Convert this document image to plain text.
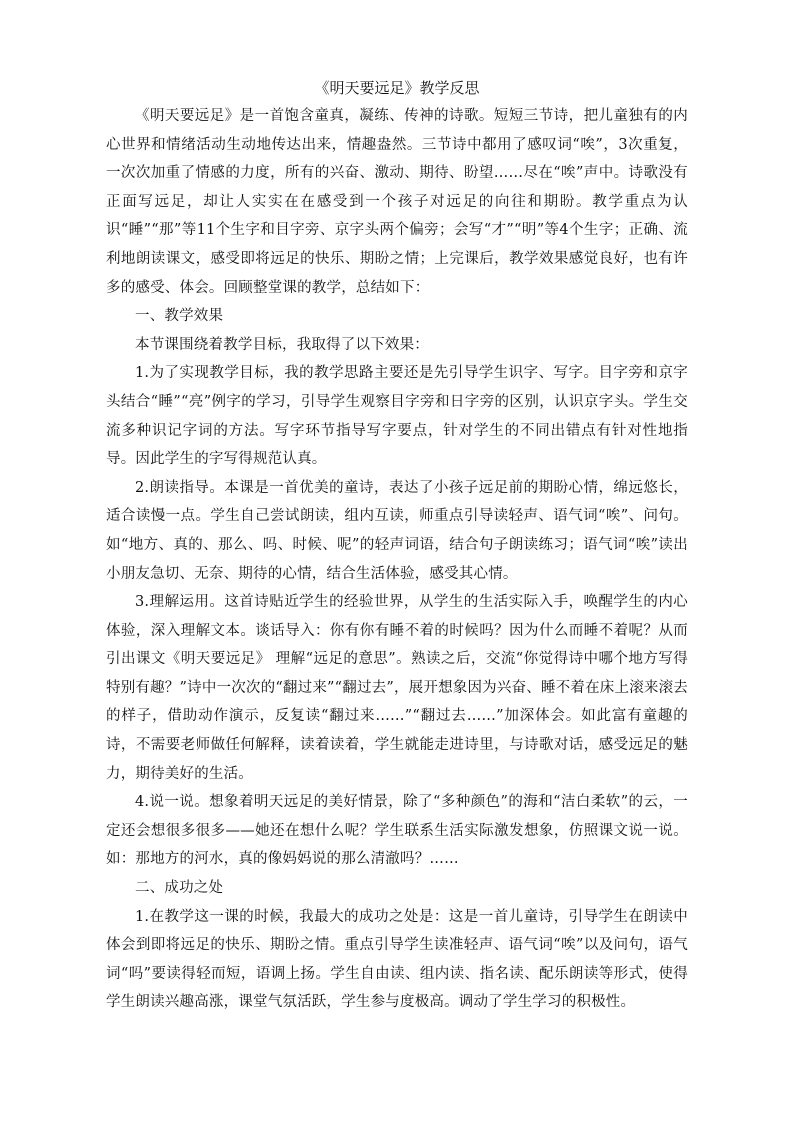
《明天要远足》教学反思

《明天要远足》是一首饱含童真，凝练、传神的诗歌。短短三节诗，把儿童独有的内心世界和情绪活动生动地传达出来，情趣盎然。三节诗中都用了感叹词“唉”，3次重复，一次次加重了情感的力度，所有的兴奋、激动、期待、盼望……尽在“唉”声中。诗歌没有正面写远足，却让人实实在在感受到一个孩子对远足的向往和期盼。教学重点为认识“睡”“那”等11个生字和目字旁、京字头两个偏旁；会写“才”“明”等4个生字；正确、流利地朗读课文，感受即将远足的快乐、期盼之情；上完课后，教学效果感觉良好，也有许多的感受、体会。回顾整堂课的教学，总结如下：

一、教学效果

本节课围绕着教学目标，我取得了以下效果：

1.为了实现教学目标，我的教学思路主要还是先引导学生识字、写字。目字旁和京字头结合“睡”“亮”例字的学习，引导学生观察目字旁和日字旁的区别，认识京字头。学生交流多种识记字词的方法。写字环节指导写字要点，针对学生的不同出错点有针对性地指导。因此学生的字写得规范认真。

2.朗读指导。本课是一首优美的童诗，表达了小孩子远足前的期盼心情，绵远悠长，适合读慢一点。学生自己尝试朗读，组内互读，师重点引导读轻声、语气词“唉”、问句。如“地方、真的、那么、吗、时候、呢”的轻声词语，结合句子朗读练习；语气词“唉”读出小朋友急切、无奈、期待的心情，结合生活体验，感受其心情。

3.理解运用。这首诗贴近学生的经验世界，从学生的生活实际入手，唤醒学生的内心体验，深入理解文本。谈话导入：你有你有睡不着的时候吗？因为什么而睡不着呢？从而引出课文《明天要远足》 理解“远足的意思”。熟读之后，交流“你觉得诗中哪个地方写得特别有趣？”诗中一次次的“翻过来”“翻过去”，展开想象因为兴奋、睡不着在床上滚来滚去的样子，借助动作演示，反复读“翻过来……”“翻过去……”加深体会。如此富有童趣的诗，不需要老师做任何解释，读着读着，学生就能走进诗里，与诗歌对话，感受远足的魅力，期待美好的生活。

4.说一说。想象着明天远足的美好情景，除了“多种颜色”的海和“洁白柔软”的云，一定还会想很多很多——她还在想什么呢？学生联系生活实际激发想象，仿照课文说一说。如：那地方的河水，真的像妈妈说的那么清澈吗？……

二、成功之处

1.在教学这一课的时候，我最大的成功之处是：这是一首儿童诗，引导学生在朗读中体会到即将远足的快乐、期盼之情。重点引导学生读准轻声、语气词“唉”以及问句，语气词“吗”要读得轻而短，语调上扬。学生自由读、组内读、指名读、配乐朗读等形式，使得学生朗读兴趣高涨，课堂气氛活跃，学生参与度极高。调动了学生学习的积极性。
